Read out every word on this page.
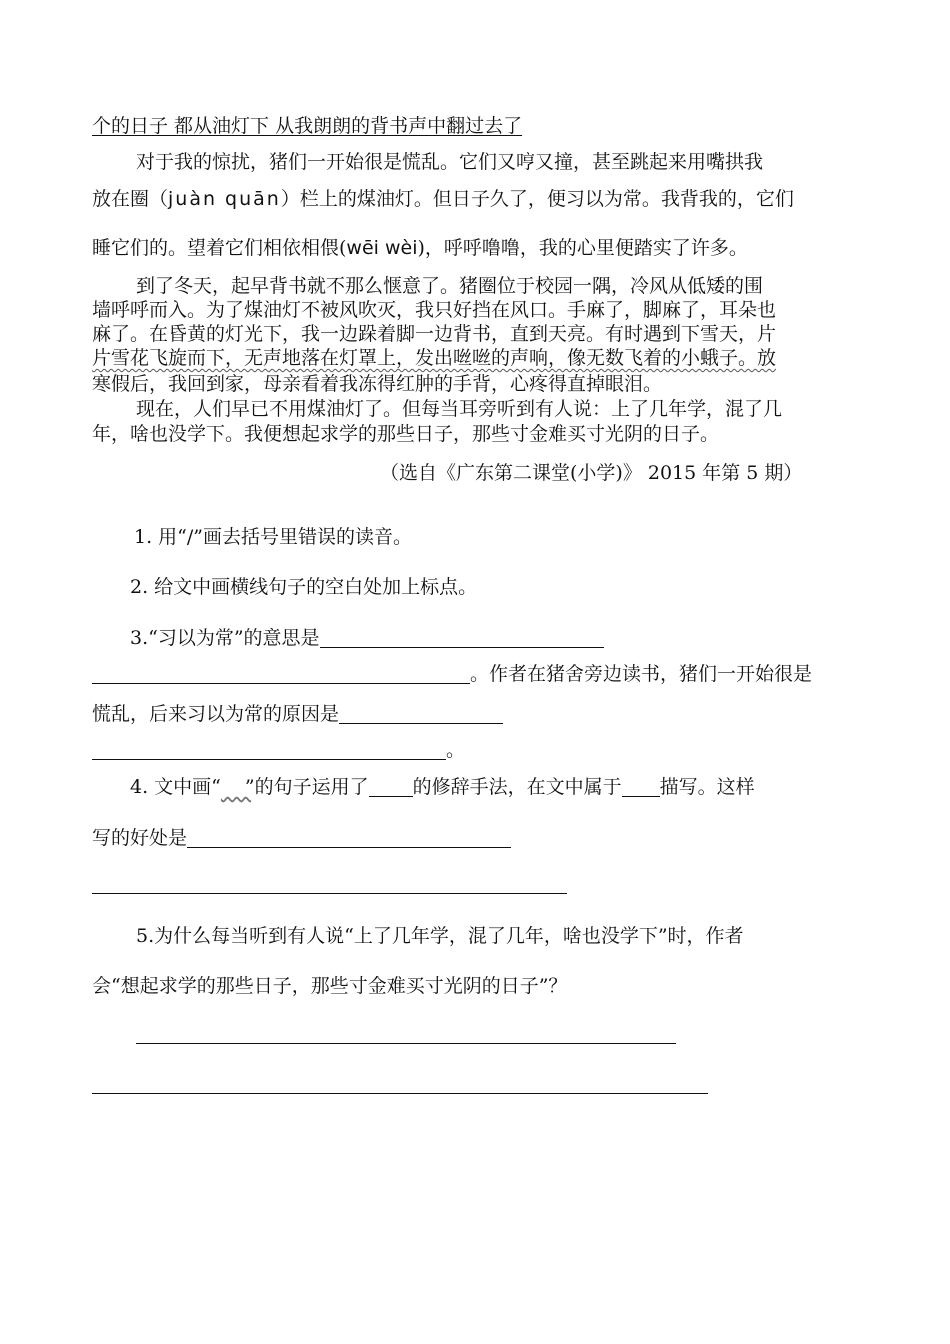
个的日子 都从油灯下 从我朗朗的背书声中翻过去了
对于我的惊扰，猪们一开始很是慌乱。它们又哼又撞，甚至跳起来用嘴拱我
放在圈（juàn quān）栏上的煤油灯。但日子久了，便习以为常。我背我的，它们
睡它们的。望着它们相依相偎(wēi wèi)，呼呼噜噜，我的心里便踏实了许多。
到了冬天，起早背书就不那么惬意了。猪圈位于校园一隅，冷风从低矮的围
墙呼呼而入。为了煤油灯不被风吹灭，我只好挡在风口。手麻了，脚麻了，耳朵也
麻了。在昏黄的灯光下，我一边跺着脚一边背书，直到天亮。有时遇到下雪天，片
片雪花飞旋而下，无声地落在灯罩上，发出咝咝的声响，像无数飞着的小蛾子。放
寒假后，我回到家，母亲看着我冻得红肿的手背，心疼得直掉眼泪。
现在，人们早已不用煤油灯了。但每当耳旁听到有人说：上了几年学，混了几
年，啥也没学下。我便想起求学的那些日子，那些寸金难买寸光阴的日子。
（选自《广东第二课堂(小学)》 2015 年第 5 期）
1. 用“/”画去括号里错误的读音。
2. 给文中画横线句子的空白处加上标点。
3.“习以为常”的意思是
。作者在猪舍旁边读书，猪们一开始很是
慌乱，后来习以为常的原因是
。
4. 文中画“​     ”的句子运用了 的修辞手法，在文中属于 描写。这样
写的好处是
5.为什么每当听到有人说“上了几年学，混了几年，啥也没学下”时，作者
会“想起求学的那些日子，那些寸金难买寸光阴的日子”？
